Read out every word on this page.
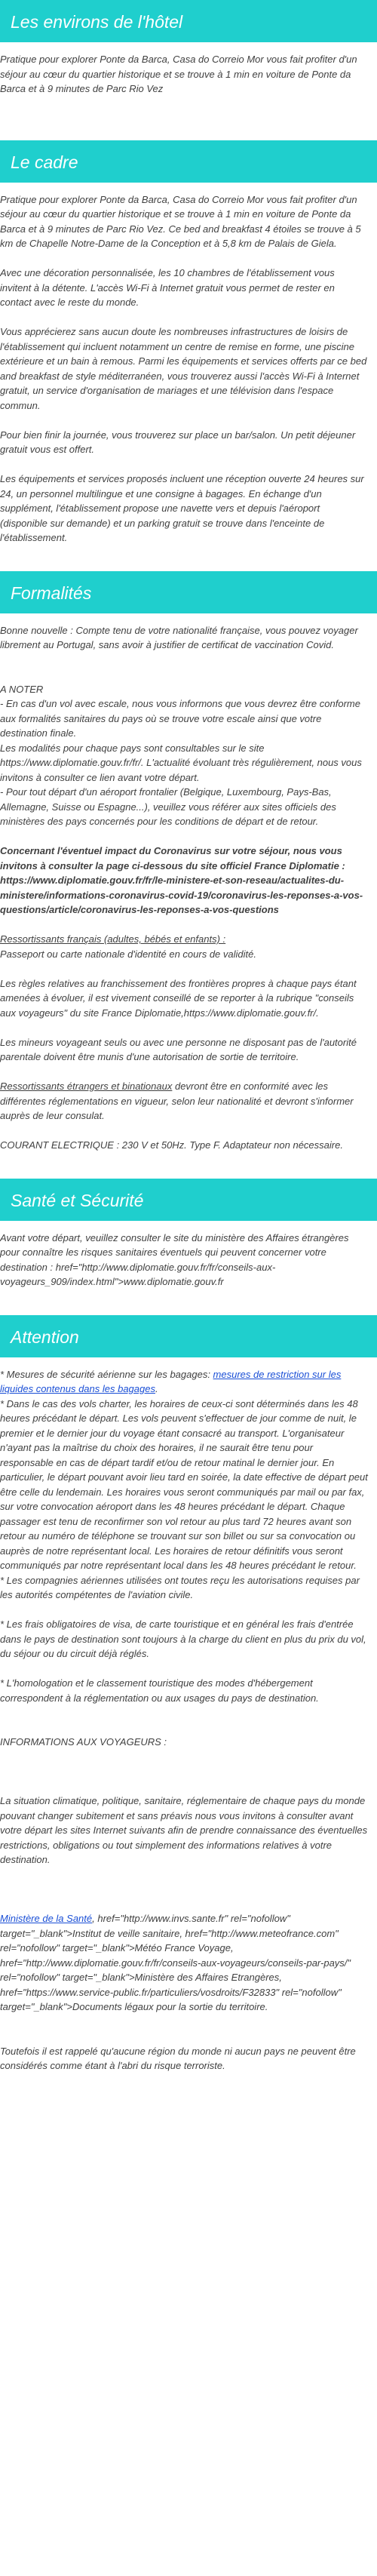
Les environs de l'hôtel

Pratique pour explorer Ponte da Barca, Casa do Correio Mor vous fait profiter d'un séjour au cœur du quartier historique et se trouve à 1 min en voiture de Ponte da Barca et à 9 minutes de Parc Rio Vez

Le cadre

Pratique pour explorer Ponte da Barca, Casa do Correio Mor vous fait profiter d'un séjour au cœur du quartier historique et se trouve à 1 min en voiture de Ponte da Barca et à 9 minutes de Parc Rio Vez. Ce bed and breakfast 4 étoiles se trouve à 5 km de Chapelle Notre-Dame de la Conception et à 5,8 km de Palais de Giela.

Avec une décoration personnalisée, les 10 chambres de l'établissement vous invitent à la détente. L'accès Wi-Fi à Internet gratuit vous permet de rester en contact avec le reste du monde.

Vous apprécierez sans aucun doute les nombreuses infrastructures de loisirs de l'établissement qui incluent notamment un centre de remise en forme, une piscine extérieure et un bain à remous. Parmi les équipements et services offerts par ce bed and breakfast de style méditerranéen, vous trouverez aussi l'accès Wi-Fi à Internet gratuit, un service d'organisation de mariages et une télévision dans l'espace commun.

Pour bien finir la journée, vous trouverez sur place un bar/salon. Un petit déjeuner gratuit vous est offert.

Les équipements et services proposés incluent une réception ouverte 24 heures sur 24, un personnel multilingue et une consigne à bagages. En échange d'un supplément, l'établissement propose une navette vers et depuis l'aéroport (disponible sur demande) et un parking gratuit se trouve dans l'enceinte de l'établissement.

Formalités

Bonne nouvelle : Compte tenu de votre nationalité française, vous pouvez voyager librement au Portugal, sans avoir à justifier de certificat de vaccination Covid.

A NOTER

- En cas d'un vol avec escale, nous vous informons que vous devrez être conforme aux formalités sanitaires du pays où se trouve votre escale ainsi que votre destination finale.

Les modalités pour chaque pays sont consultables sur le site https://www.diplomatie.gouv.fr/fr/. L'actualité évoluant très régulièrement, nous vous invitons à consulter ce lien avant votre départ.

- Pour tout départ d'un aéroport frontalier (Belgique, Luxembourg, Pays-Bas, Allemagne, Suisse ou Espagne...), veuillez vous référer aux sites officiels des ministères des pays concernés pour les conditions de départ et de retour.

Concernant l'éventuel impact du Coronavirus sur votre séjour, nous vous invitons à consulter la page ci-dessous du site officiel France Diplomatie : https://www.diplomatie.gouv.fr/fr/le-ministere-et-son-reseau/actualites-du-ministere/informations-coronavirus-covid-19/coronavirus-les-reponses-a-vos-questions/article/coronavirus-les-reponses-a-vos-questions

Ressortissants français (adultes, bébés et enfants) :

Passeport ou carte nationale d'identité en cours de validité.

Les règles relatives au franchissement des frontières propres à chaque pays étant amenées à évoluer, il est vivement conseillé de se reporter à la rubrique "conseils aux voyageurs" du site France Diplomatie,https://www.diplomatie.gouv.fr/.

Les mineurs voyageant seuls ou avec une personne ne disposant pas de l'autorité parentale doivent être munis d'une autorisation de sortie de territoire.

Ressortissants étrangers et binationaux devront être en conformité avec les différentes réglementations en vigueur, selon leur nationalité et devront s'informer auprès de leur consulat.

COURANT ELECTRIQUE : 230 V et 50Hz. Type F. Adaptateur non nécessaire.

Santé et Sécurité

Avant votre départ, veuillez consulter le site du ministère des Affaires étrangères pour connaître les risques sanitaires éventuels qui peuvent concerner votre destination : href="http://www.diplomatie.gouv.fr/fr/conseils-aux-voyageurs_909/index.html">www.diplomatie.gouv.fr

Attention

* Mesures de sécurité aérienne sur les bagages: mesures de restriction sur les liquides contenus dans les bagages.

* Dans le cas des vols charter, les horaires de ceux-ci sont déterminés dans les 48 heures précédant le départ. Les vols peuvent s'effectuer de jour comme de nuit, le premier et le dernier jour du voyage étant consacré au transport. L'organisateur n'ayant pas la maîtrise du choix des horaires, il ne saurait être tenu pour responsable en cas de départ tardif et/ou de retour matinal le dernier jour. En particulier, le départ pouvant avoir lieu tard en soirée, la date effective de départ peut être celle du lendemain. Les horaires vous seront communiqués par mail ou par fax, sur votre convocation aéroport dans les 48 heures précédant le départ. Chaque passager est tenu de reconfirmer son vol retour au plus tard 72 heures avant son retour au numéro de téléphone se trouvant sur son billet ou sur sa convocation ou auprès de notre représentant local. Les horaires de retour définitifs vous seront communiqués par notre représentant local dans les 48 heures précédant le retour.

* Les compagnies aériennes utilisées ont toutes reçu les autorisations requises par les autorités compétentes de l'aviation civile.

* Les frais obligatoires de visa, de carte touristique et en général les frais d'entrée dans le pays de destination sont toujours à la charge du client en plus du prix du vol, du séjour ou du circuit déjà réglés.

* L'homologation et le classement touristique des modes d'hébergement correspondent à la réglementation ou aux usages du pays de destination.

INFORMATIONS AUX VOYAGEURS :

La situation climatique, politique, sanitaire, réglementaire de chaque pays du monde pouvant changer subitement et sans préavis nous vous invitons à consulter avant votre départ les sites Internet suivants afin de prendre connaissance des éventuelles restrictions, obligations ou tout simplement des informations relatives à votre destination.

Ministère de la Santé, href="http://www.invs.sante.fr" rel="nofollow" target="_blank">Institut de veille sanitaire, href="http://www.meteofrance.com" rel="nofollow" target="_blank">Météo France Voyage, href="http://www.diplomatie.gouv.fr/fr/conseils-aux-voyageurs/conseils-par-pays/" rel="nofollow" target="_blank">Ministère des Affaires Etrangères, href="https://www.service-public.fr/particuliers/vosdroits/F32833" rel="nofollow" target="_blank">Documents légaux pour la sortie du territoire.

Toutefois il est rappelé qu'aucune région du monde ni aucun pays ne peuvent être considérés comme étant à l'abri du risque terroriste.
